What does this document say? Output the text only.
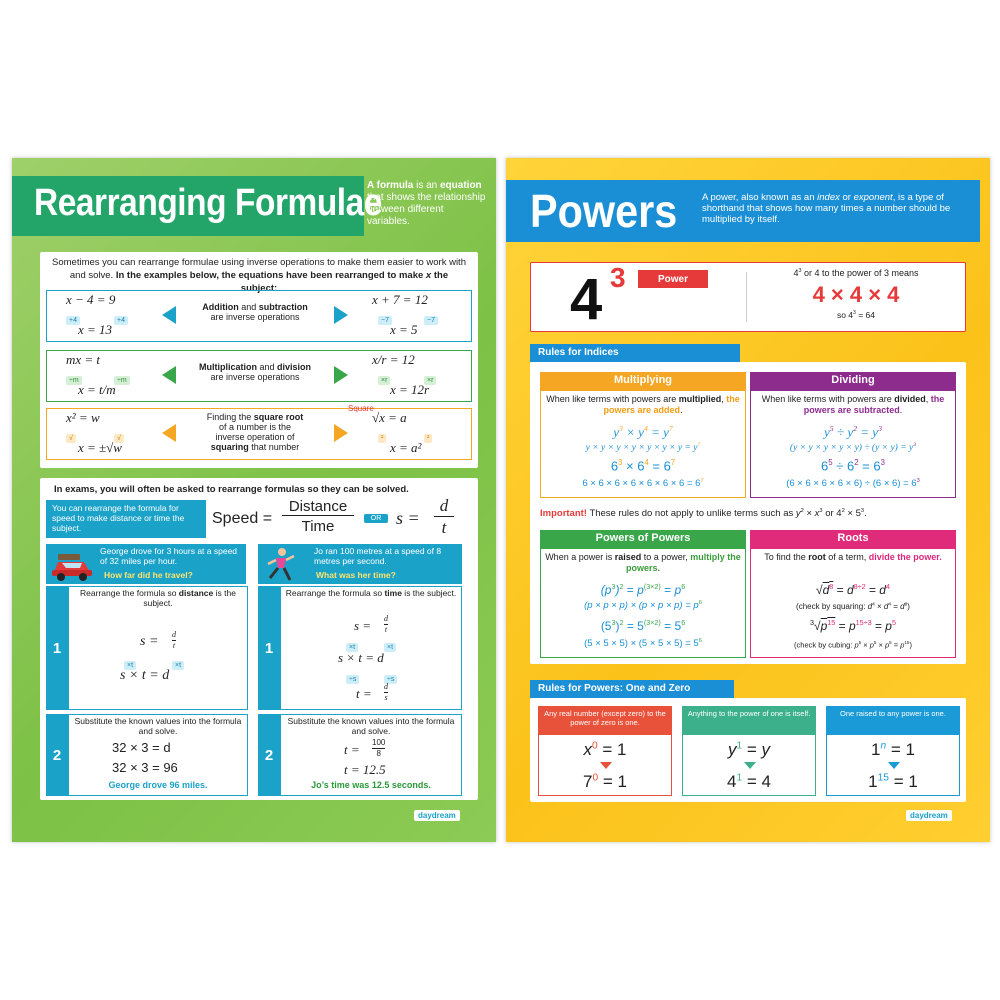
Rearranging Formulae
A formula is an equation that shows the relationship between different variables.
Sometimes you can rearrange formulae using inverse operations to make them easier to work with and solve. In the examples below, the equations have been rearranged to make x the subject:
x − 4 = 9
+4	+4
x = 13
Addition and subtraction
are inverse operations
x + 7 = 12
−7	−7
x = 5
mx = t
÷m	÷m
x = t/m
Multiplication and division
are inverse operations
x/r = 12
×r	×r
x = 12r
x² = w
√	√
x = ±√w
Finding the square root
of a number is the
inverse operation of
squaring that number
√x = a
²	²
x = a²
Square
In exams, you will often be asked to rearrange formulas so they can be solved.
You can rearrange the formula for speed to make distance or time the subject.
Speed =
Distance
Time	OR s =
d
t
George drove for 3 hours at a speed of 32 miles per hour.
How far did he travel?
Jo ran 100 metres at a speed of 8 metres per second.
What was her time?
1
Rearrange the formula so distance is the subject.
s = d
t
×t	×t
s × t = d
2
Substitute the known values into the formula and solve.
32 × 3 = d
32 × 3 = 96
George drove 96 miles.
1
Rearrange the formula so time is the subject.
s = d
t
×t	×t
s × t = d
÷s	÷s
t = d
s
2
Substitute the known values into the formula and solve.
$t = \frac{100}{8}$
t = 12.5
Jo’s time was 12.5 seconds.
daydream
Powers	A power, also known as an index or exponent, is a type of shorthand that shows how many times a number should be multiplied by itself.
4 3	Power
$4^3$ or 4 to the power of 3 means
4 × 4 × 4
so $4^3 = 64$
Rules for Indices
Multiplying
When like terms with powers are multiplied, the powers are added.
$y^3 \times y^4 = y^7$
$y \times y \times y \times y \times y \times y \times y = y^7$
$6^3 \times 6^4 = 6^7$
$6 \times 6 \times 6 \times 6 \times 6 \times 6 \times 6 = 6^7$
Dividing
When like terms with powers are divided, the powers are subtracted.
$y^5 \div y^2 = y^3$
$(y \times y \times y \times y \times y) \div (y \times y) = y^3$
$6^5 \div 6^2 = 6^3$
$(6 \times 6 \times 6 \times 6 \times 6) \div (6 \times 6) = 6^3$
Important! These rules do not apply to unlike terms such as $y^2 \times x^3$ or $4^2 \times 5^3$.
Powers of Powers
When a power is raised to a power, multiply the powers.
$(p^3)^2 = p^{(3\times 2)} = p^6$
$(p \times p \times p) \times (p \times p \times p) = p^6$
$(5^3)^2 = 5^{(3\times 2)} = 5^6$
$(5 \times 5 \times 5) \times (5 \times 5 \times 5) = 5^6$
Roots
To find the root of a term, divide the power.
$√d^8 = d^{8\div 2} = d^4$
(check by squaring: $d^4 \times d^4 = d^8$)
$^3√p^{15} = p^{15\div 3} = p^5$
(check by cubing: $p^5 \times p^5 \times p^5 = p^{15}$)
Rules for Powers: One and Zero
Any real number (except zero) to the power of zero is one.
$x^0 = 1$
$7^0 = 1$
Anything to the power of one is itself.
$y^1 = y$
$4^1 = 4$
One raised to any power is one.
$1^n = 1$
$1^{15} = 1$
daydream
